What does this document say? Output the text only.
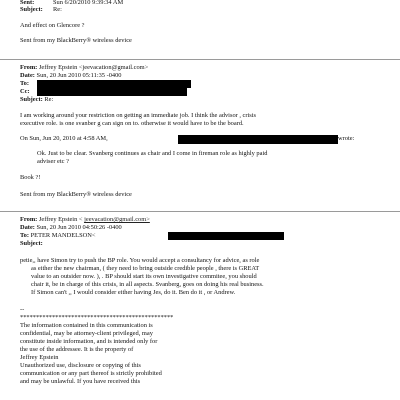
Sent:	Sun 6/20/2010 9:39:34 AM
Subject: Re:
And effect on Glencore ?
Sent from my BlackBerry® wireless device
From: Jeffrey Epstein <jeevacation@gmail.com>
Date: Sun, 20 Jun 2010 05:11:35 -0400
To:
Cc:
Subject: Re:
I am working around your restriction on getting an immediate job. I think the advisor , crisis
executive role. is one svanber g can sign on to. otherwise it would have to be the board.
On Sun, Jun 20, 2010 at 4:58 AM,	wrote:
Ok. Just to be clear. Svanberg continues as chair and I come in fireman role as highly paid
adviser etc ?
Book ?!
Sent from my BlackBerry® wireless device
From: Jeffrey Epstein < jeevacation@gmail.com>
Date: Sun, 20 Jun 2010 04:50:26 -0400
To: PETER MANDELSON<
Subject:
petie,, have Simon try to push the BP role. You would accept a consultancy for advice, as role
as either the new chairman, ( they need to bring outside credible people , there is GREAT
value to an outsider now. ), . BP should start its own investigative commitee, you should
chair it, be in charge of this crisis, in all aspects. Svanberg, goes on doing his real business.
If Simon can't ,, I would consider either having Jes, do it. Ben do it , or Andrew.
--
************************************************
The information contained in this communication is
confidential, may be attorney-client privileged, may
constitute inside information, and is intended only for
the use of the addressee. It is the property of
Jeffrey Epstein
Unauthorized use, disclosure or copying of this
communication or any part thereof is strictly prohibited
and may be unlawful. If you have received this
